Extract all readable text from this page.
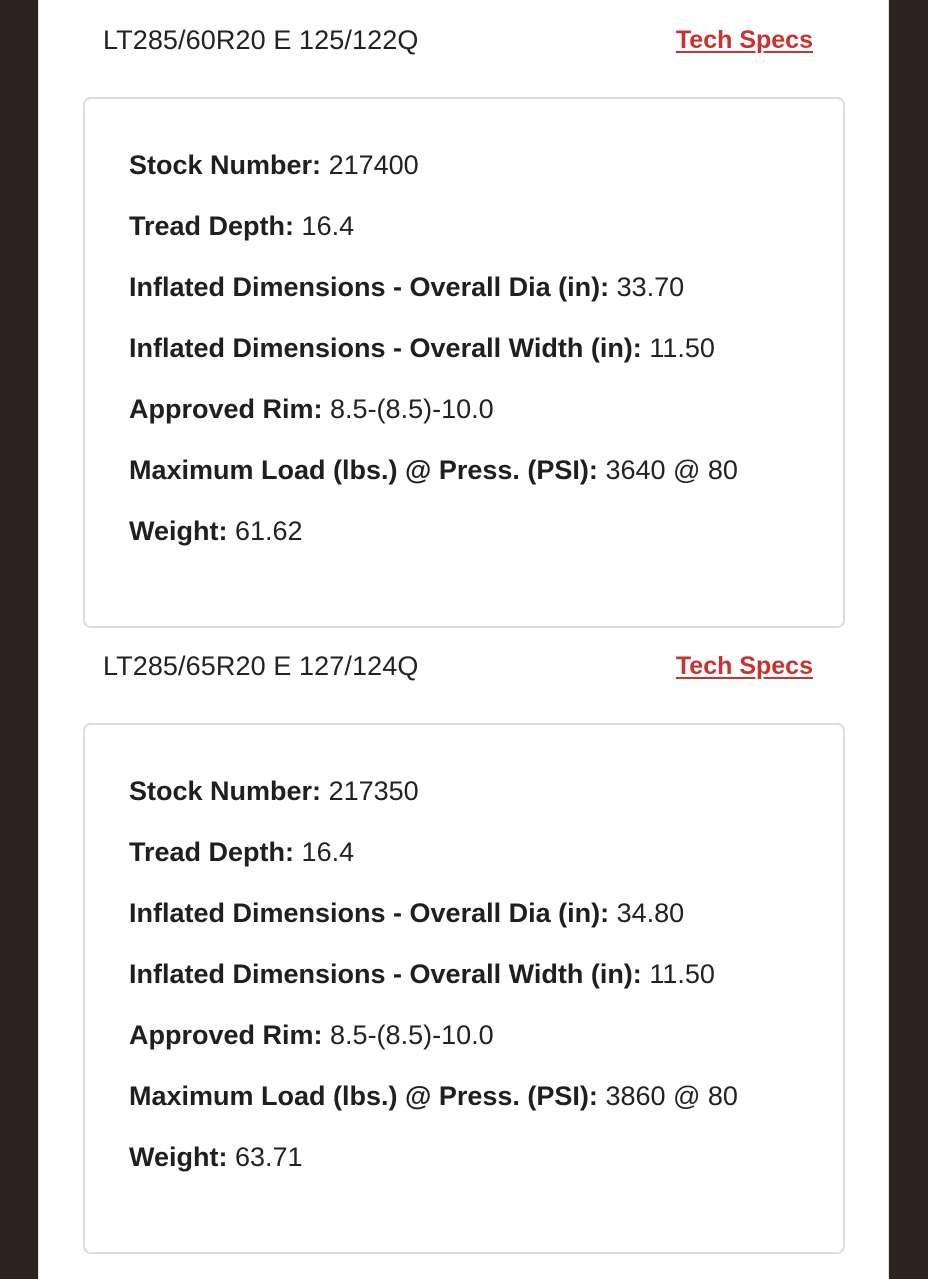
LT285/60R20 E 125/122Q	Tech Specs
Stock Number: 217400
Tread Depth: 16.4
Inflated Dimensions - Overall Dia (in): 33.70
Inflated Dimensions - Overall Width (in): 11.50
Approved Rim: 8.5-(8.5)-10.0
Maximum Load (lbs.) @ Press. (PSI): 3640 @ 80
Weight: 61.62
LT285/65R20 E 127/124Q	Tech Specs
Stock Number: 217350
Tread Depth: 16.4
Inflated Dimensions - Overall Dia (in): 34.80
Inflated Dimensions - Overall Width (in): 11.50
Approved Rim: 8.5-(8.5)-10.0
Maximum Load (lbs.) @ Press. (PSI): 3860 @ 80
Weight: 63.71
